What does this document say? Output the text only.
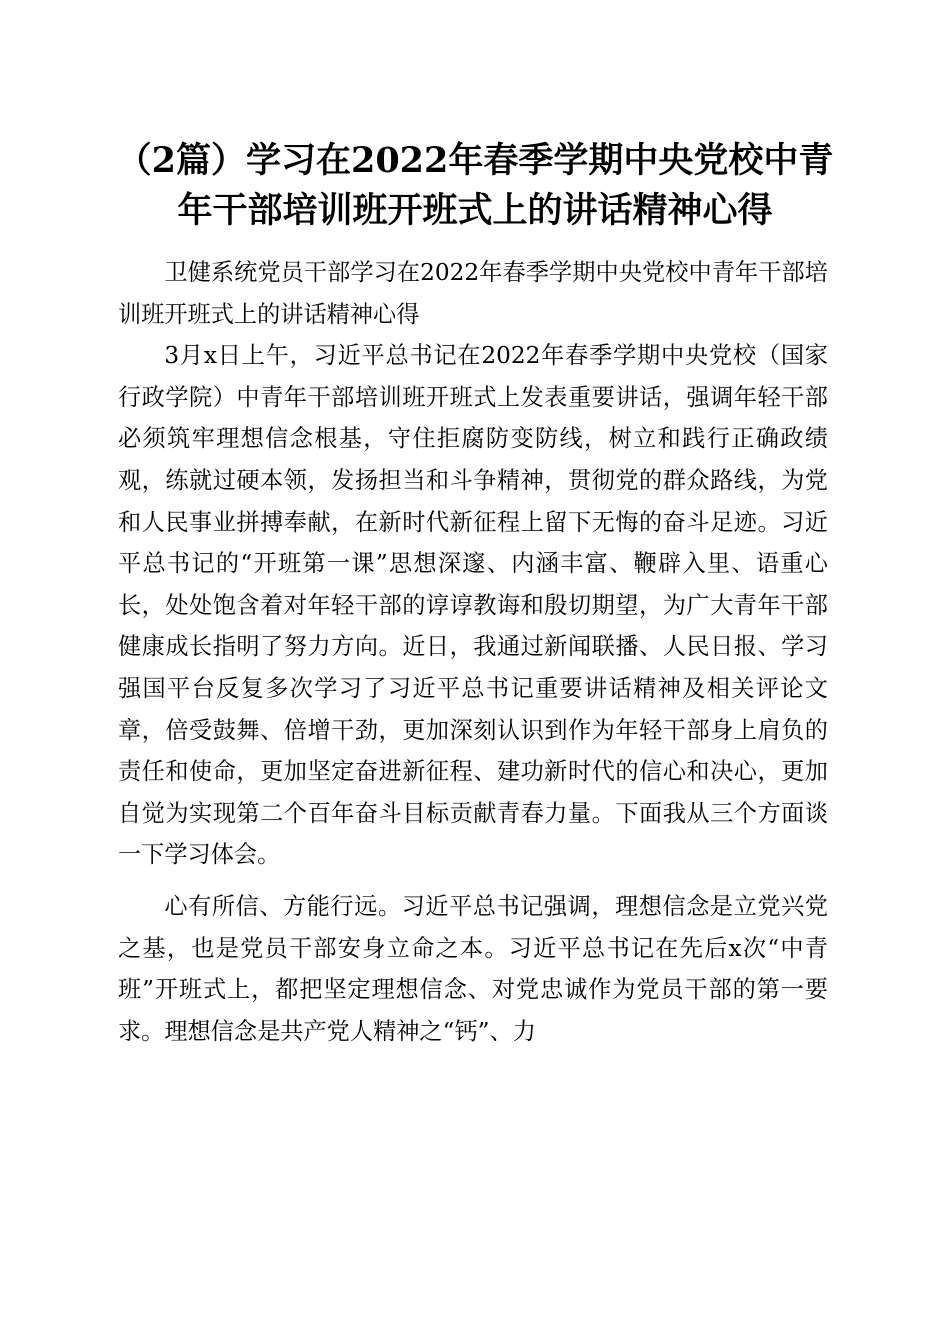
（2篇）学习在2022年春季学期中央党校中青年干部培训班开班式上的讲话精神心得

卫健系统党员干部学习在2022年春季学期中央党校中青年干部培训班开班式上的讲话精神心得

3月x日上午，习近平总书记在2022年春季学期中央党校（国家行政学院）中青年干部培训班开班式上发表重要讲话，强调年轻干部必须筑牢理想信念根基，守住拒腐防变防线，树立和践行正确政绩观，练就过硬本领，发扬担当和斗争精神，贯彻党的群众路线，为党和人民事业拼搏奉献，在新时代新征程上留下无悔的奋斗足迹。习近平总书记的“开班第一课”思想深邃、内涵丰富、鞭辟入里、语重心长，处处饱含着对年轻干部的谆谆教诲和殷切期望，为广大青年干部健康成长指明了努力方向。近日，我通过新闻联播、人民日报、学习强国平台反复多次学习了习近平总书记重要讲话精神及相关评论文章，倍受鼓舞、倍增干劲，更加深刻认识到作为年轻干部身上肩负的责任和使命，更加坚定奋进新征程、建功新时代的信心和决心，更加自觉为实现第二个百年奋斗目标贡献青春力量。下面我从三个方面谈一下学习体会。

心有所信、方能行远。习近平总书记强调，理想信念是立党兴党之基，也是党员干部安身立命之本。习近平总书记在先后x次“中青班”开班式上，都把坚定理想信念、对党忠诚作为党员干部的第一要求。理想信念是共产党人精神之“钙”、力
